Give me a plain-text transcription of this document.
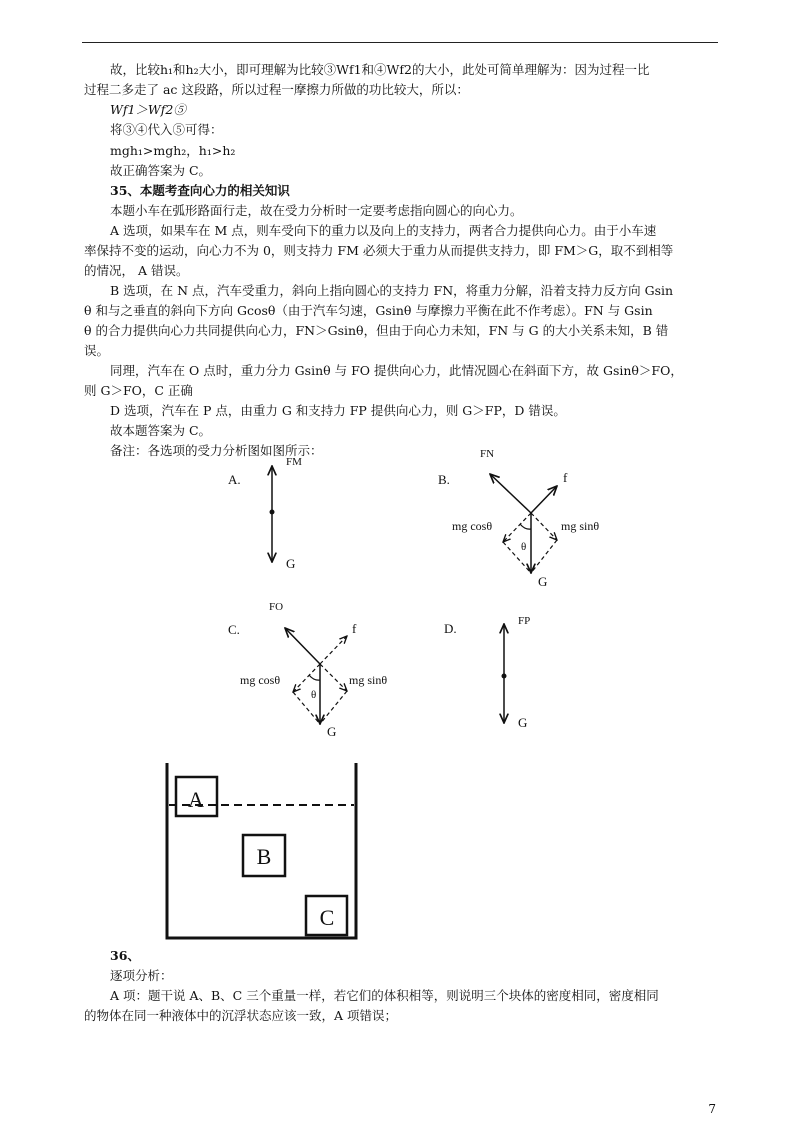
故，比较h₁和h₂大小，即可理解为比较③Wf1和④Wf2的大小，此处可简单理解为：因为过程一比
过程二多走了 ac 这段路，所以过程一摩擦力所做的功比较大，所以：
Wf1＞Wf2⑤
将③④代入⑤可得：
mgh₁>mgh₂，h₁>h₂
故正确答案为 C。
35、本题考查向心力的相关知识
本题小车在弧形路面行走，故在受力分析时一定要考虑指向圆心的向心力。
A 选项，如果车在 M 点，则车受向下的重力以及向上的支持力，两者合力提供向心力。由于小车速
率保持不变的运动，向心力不为 0，则支持力 FM 必须大于重力从而提供支持力，即 FM＞G，取不到相等
的情况， A 错误。
B 选项，在 N 点，汽车受重力，斜向上指向圆心的支持力 FN，将重力分解，沿着支持力反方向 Gsin
θ 和与之垂直的斜向下方向 Gcosθ（由于汽车匀速，Gsinθ 与摩擦力平衡在此不作考虑）。FN 与 Gsin
θ 的合力提供向心力共同提供向心力，FN＞Gsinθ，但由于向心力未知，FN 与 G 的大小关系未知，B 错
误。
同理，汽车在 O 点时，重力分力 Gsinθ 与 FO 提供向心力，此情况圆心在斜面下方，故 Gsinθ＞FO，
则 G＞FO，C 正确
D 选项，汽车在 P 点，由重力 G 和支持力 FP 提供向心力，则 G＞FP，D 错误。
故本题答案为 C。
备注：各选项的受力分析图如图所示：
A.
FM
G
B.
FN
f
mg cosθ	mg sinθ
θ
G
C.
FO
f
mg cosθ	mg sinθ
θ
G
D.	FP
G
A
B
C
36、
逐项分析：
A 项：题干说 A、B、C 三个重量一样，若它们的体积相等，则说明三个块体的密度相同，密度相同
的物体在同一种液体中的沉浮状态应该一致，A 项错误；
7
